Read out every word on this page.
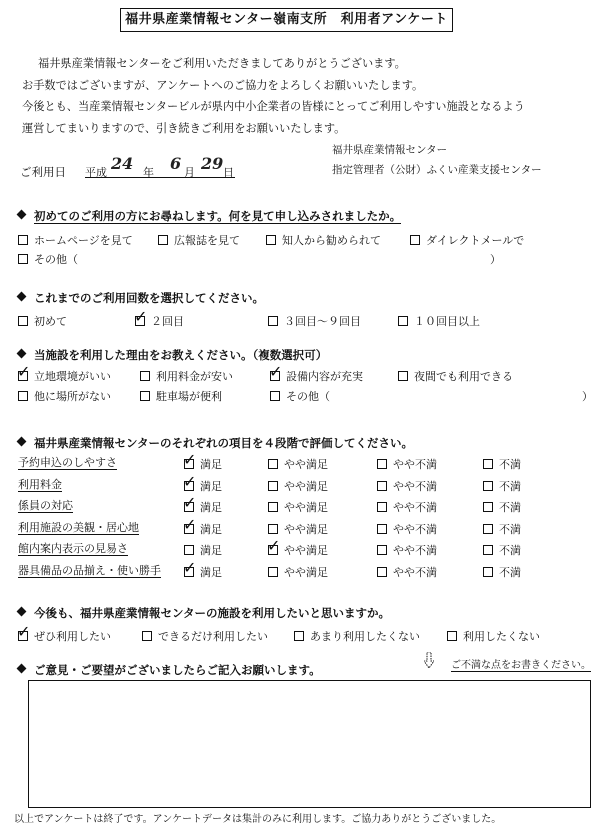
福井県産業情報センター嶺南支所　利用者アンケート
福井県産業情報センターをご利用いただきましてありがとうございます。
お手数ではございますが、アンケートへのご協力をよろしくお願いいたします。
今後とも、当産業情報センタービルが県内中小企業者の皆様にとってご利用しやすい施設となるよう
運営してまいりますので、引き続きご利用をお願いいたします。
福井県産業情報センター
指定管理者（公財）ふくい産業支援センター
ご利用日 平成 24 年 6 月 29 日
初めてのご利用の方にお尋ねします。何を見て申し込みされましたか。
ホームページを見て	広報誌を見て	知人から勧められて	ダイレクトメールで
その他（	）
これまでのご利用回数を選択してください。
初めて ✓	２回目	３回目～９回目	１０回目以上
当施設を利用した理由をお教えください。（複数選択可）
✓立地環境がいい	利用料金が安い ✓	設備内容が充実	夜間でも利用できる
他に場所がない	駐車場が便利	その他（	）
福井県産業情報センターのそれぞれの項目を４段階で評価してください。
予約申込のしやすさ ✓	満足	やや満足	やや不満	不満
利用料金 ✓	満足	やや満足	やや不満	不満
係員の対応 ✓	満足	やや満足	やや不満	不満
利用施設の美観・居心地 ✓	満足	やや満足	やや不満	不満
館内案内表示の見易さ	満足 ✓	やや満足	やや不満	不満
器具備品の品揃え・使い勝手 ✓	満足	やや満足	やや不満	不満
今後も、福井県産業情報センターの施設を利用したいと思いますか。
✓ぜひ利用したい	できるだけ利用したい	あまり利用したくない	利用したくない
ご意見・ご要望がございましたらご記入お願いします。	ご不満な点をお書きください。
以上でアンケートは終了です。アンケートデータは集計のみに利用します。ご協力ありがとうございました。
